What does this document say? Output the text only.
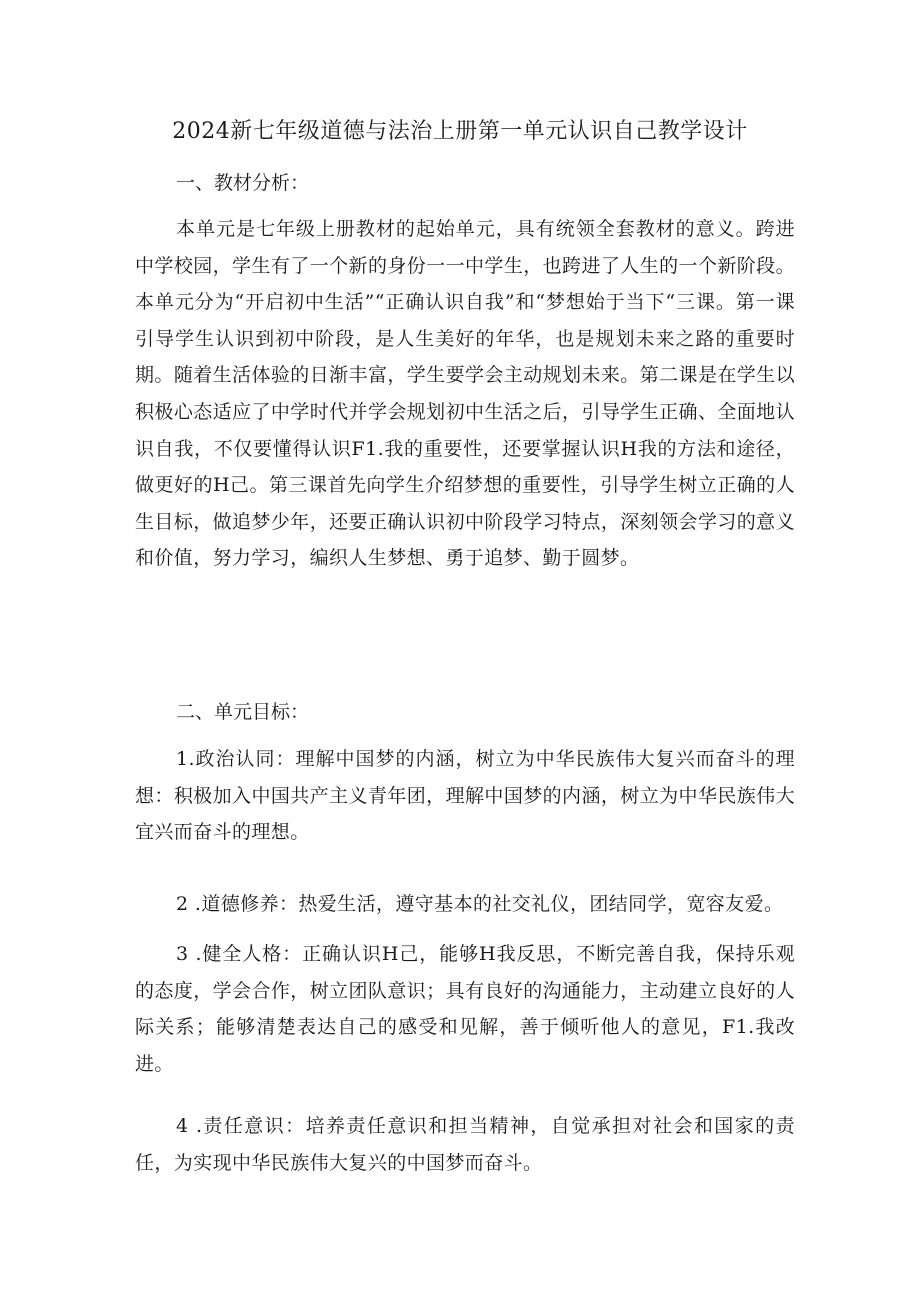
2024新七年级道德与法治上册第一单元认识自己教学设计
一、教材分析：
本单元是七年级上册教材的起始单元，具有统领全套教材的意义。跨进中学校园，学生有了一个新的身份一一中学生，也跨进了人生的一个新阶段。本单元分为“开启初中生活”“正确认识自我”和“梦想始于当下“三课。第一课引导学生认识到初中阶段，是人生美好的年华，也是规划未来之路的重要时期。随着生活体验的日渐丰富，学生要学会主动规划未来。第二课是在学生以积极心态适应了中学时代并学会规划初中生活之后，引导学生正确、全面地认识自我，不仅要懂得认识F1.我的重要性，还要掌握认识H我的方法和途径，做更好的H己。第三课首先向学生介绍梦想的重要性，引导学生树立正确的人生目标，做追梦少年，还要正确认识初中阶段学习特点，深刻领会学习的意义和价值，努力学习，编织人生梦想、勇于追梦、勤于圆梦。
二、单元目标：
1.政治认同：理解中国梦的内涵，树立为中华民族伟大复兴而奋斗的理想：积极加入中国共产主义青年团，理解中国梦的内涵，树立为中华民族伟大宜兴而奋斗的理想。
2 .道德修养：热爱生活，遵守基本的社交礼仪，团结同学，宽容友爱。
3 .健全人格：正确认识H己，能够H我反思，不断完善自我，保持乐观的态度，学会合作，树立团队意识；具有良好的沟通能力，主动建立良好的人际关系；能够清楚表达自己的感受和见解，善于倾听他人的意见，F1.我改进。
4 .责任意识：培养责任意识和担当精神，自觉承担对社会和国家的责任，为实现中华民族伟大复兴的中国梦而奋斗。
